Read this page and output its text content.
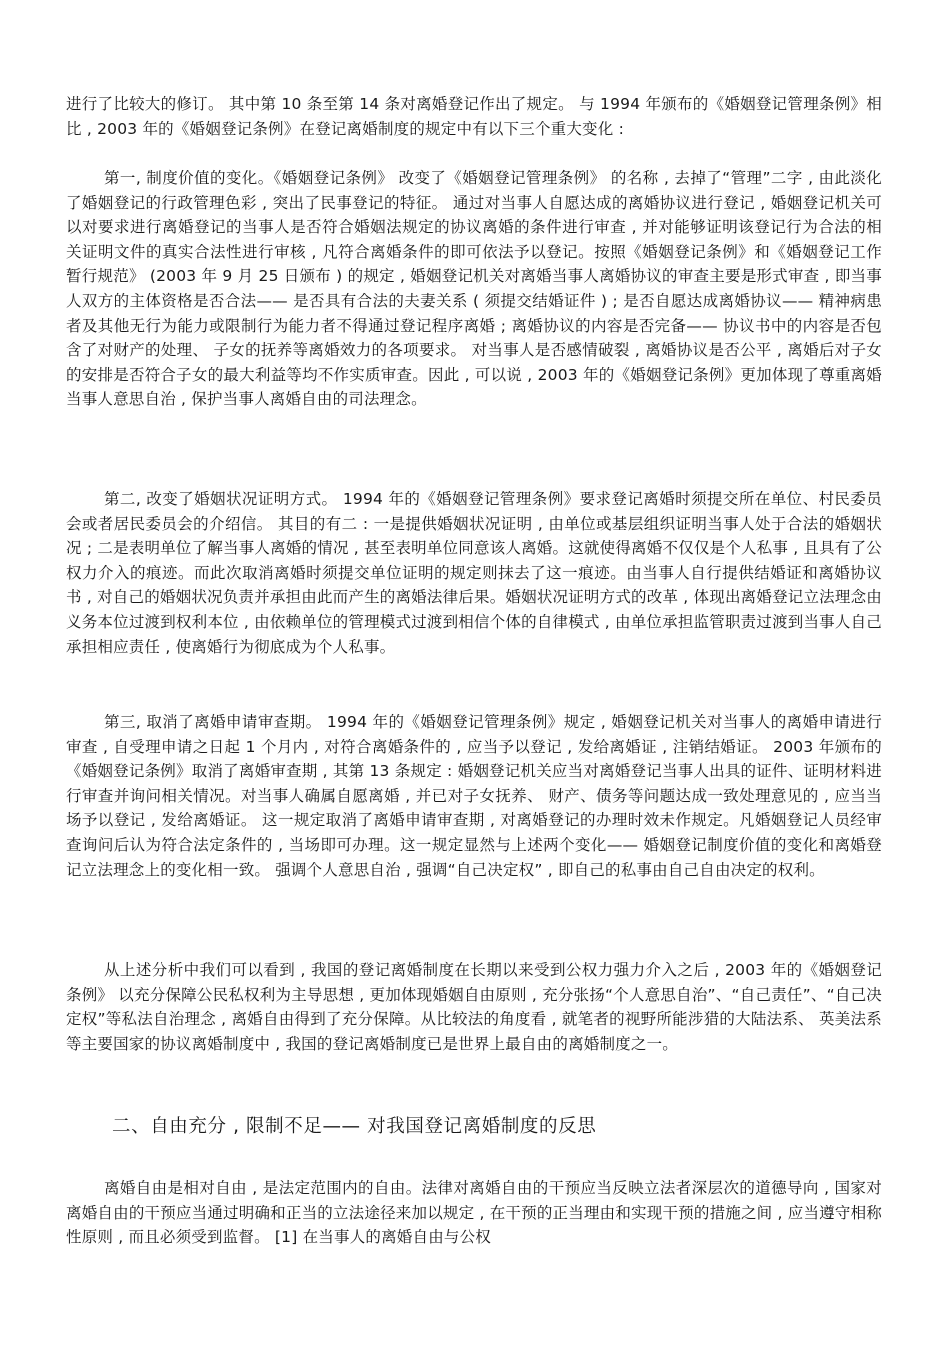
进行了比较大的修订。 其中第 10 条至第 14 条对离婚登记作出了规定。 与 1994 年颁布的《婚姻登记管理条例》相比 , 2003 年的《婚姻登记条例》在登记离婚制度的规定中有以下三个重大变化 :

第一, 制度价值的变化。《婚姻登记条例》 改变了《婚姻登记管理条例》 的名称 , 去掉了“管理”二字 , 由此淡化了婚姻登记的行政管理色彩 , 突出了民事登记的特征。 通过对当事人自愿达成的离婚协议进行登记 , 婚姻登记机关可以对要求进行离婚登记的当事人是否符合婚姻法规定的协议离婚的条件进行审查 , 并对能够证明该登记行为合法的相关证明文件的真实合法性进行审核 , 凡符合离婚条件的即可依法予以登记。按照《婚姻登记条例》和《婚姻登记工作暂行规范》 (2003 年 9 月 25 日颁布 ) 的规定 , 婚姻登记机关对离婚当事人离婚协议的审查主要是形式审查 , 即当事人双方的主体资格是否合法—— 是否具有合法的夫妻关系 ( 须提交结婚证件 ) ; 是否自愿达成离婚协议—— 精神病患者及其他无行为能力或限制行为能力者不得通过登记程序离婚 ; 离婚协议的内容是否完备—— 协议书中的内容是否包含了对财产的处理、 子女的抚养等离婚效力的各项要求。 对当事人是否感情破裂 , 离婚协议是否公平 , 离婚后对子女的安排是否符合子女的最大利益等均不作实质审查。因此 , 可以说 , 2003 年的《婚姻登记条例》更加体现了尊重离婚当事人意思自治 , 保护当事人离婚自由的司法理念。

第二, 改变了婚姻状况证明方式。 1994 年的《婚姻登记管理条例》要求登记离婚时须提交所在单位、村民委员会或者居民委员会的介绍信。 其目的有二 : 一是提供婚姻状况证明 , 由单位或基层组织证明当事人处于合法的婚姻状况 ; 二是表明单位了解当事人离婚的情况 , 甚至表明单位同意该人离婚。这就使得离婚不仅仅是个人私事 , 且具有了公权力介入的痕迹。而此次取消离婚时须提交单位证明的规定则抹去了这一痕迹。由当事人自行提供结婚证和离婚协议书 , 对自己的婚姻状况负责并承担由此而产生的离婚法律后果。婚姻状况证明方式的改革 , 体现出离婚登记立法理念由义务本位过渡到权利本位 , 由依赖单位的管理模式过渡到相信个体的自律模式 , 由单位承担监管职责过渡到当事人自己承担相应责任 , 使离婚行为彻底成为个人私事。

第三, 取消了离婚申请审查期。 1994 年的《婚姻登记管理条例》规定 , 婚姻登记机关对当事人的离婚申请进行审查 , 自受理申请之日起 1 个月内 , 对符合离婚条件的 , 应当予以登记 , 发给离婚证 , 注销结婚证。 2003 年颁布的《婚姻登记条例》取消了离婚审查期 , 其第 13 条规定 : 婚姻登记机关应当对离婚登记当事人出具的证件、证明材料进行审查并询问相关情况。对当事人确属自愿离婚 , 并已对子女抚养、 财产、债务等问题达成一致处理意见的 , 应当当场予以登记 , 发给离婚证。 这一规定取消了离婚申请审查期 , 对离婚登记的办理时效未作规定。凡婚姻登记人员经审查询问后认为符合法定条件的 , 当场即可办理。这一规定显然与上述两个变化—— 婚姻登记制度价值的变化和离婚登记立法理念上的变化相一致。 强调个人意思自治 , 强调“自己决定权” , 即自己的私事由自己自由决定的权利。

从上述分析中我们可以看到 , 我国的登记离婚制度在长期以来受到公权力强力介入之后 , 2003 年的《婚姻登记条例》 以充分保障公民私权利为主导思想 , 更加体现婚姻自由原则 , 充分张扬“个人意思自治”、“自己责任”、“自己决定权”等私法自治理念 , 离婚自由得到了充分保障。从比较法的角度看 , 就笔者的视野所能涉猎的大陆法系、 英美法系等主要国家的协议离婚制度中 , 我国的登记离婚制度已是世界上最自由的离婚制度之一。

二、自由充分 , 限制不足—— 对我国登记离婚制度的反思

离婚自由是相对自由 , 是法定范围内的自由。法律对离婚自由的干预应当反映立法者深层次的道德导向 , 国家对离婚自由的干预应当通过明确和正当的立法途径来加以规定 , 在干预的正当理由和实现干预的措施之间 , 应当遵守相称性原则 , 而且必须受到监督。 [1] 在当事人的离婚自由与公权
